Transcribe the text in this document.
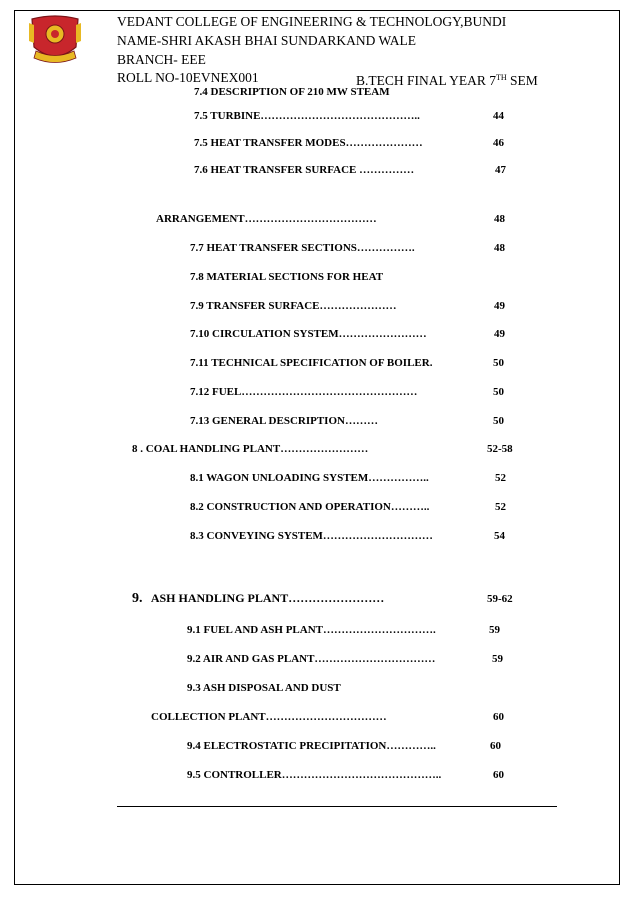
VEDANT COLLEGE OF ENGINEERING & TECHNOLOGY,BUNDI
NAME-SHRI AKASH BHAI SUNDARKAND WALE
BRANCH- EEE
ROLL NO-10EVNEX001	B.TECH FINAL YEAR 7TH SEM
7.4 DESCRIPTION OF 210 MW STEAM
7.5 TURBINE……………………………………..	44
7.5 HEAT TRANSFER MODES…………………	46
7.6 HEAT TRANSFER SURFACE ……………	47
ARRANGEMENT………………………………	48
7.7 HEAT TRANSFER SECTIONS…………….	48
7.8 MATERIAL SECTIONS FOR HEAT
7.9 TRANSFER SURFACE…………………	49
7.10 CIRCULATION SYSTEM……………………	49
7.11 TECHNICAL SPECIFICATION OF BOILER.	50
7.12 FUEL…………………………………………	50
7.13 GENERAL DESCRIPTION………	50
8 . COAL HANDLING PLANT……………………	52-58
8.1 WAGON UNLOADING SYSTEM……………..	52
8.2 CONSTRUCTION AND OPERATION………..	52
8.3 CONVEYING SYSTEM…………………………	54
9. ASH HANDLING PLANT……………………	59-62
9.1 FUEL AND ASH PLANT………………………….	59
9.2 AIR AND GAS PLANT……………………………	59
9.3 ASH DISPOSAL AND DUST
COLLECTION PLANT……………………………	60
9.4 ELECTROSTATIC PRECIPITATION…………..	60
9.5 CONTROLLER……………………………………..	60
